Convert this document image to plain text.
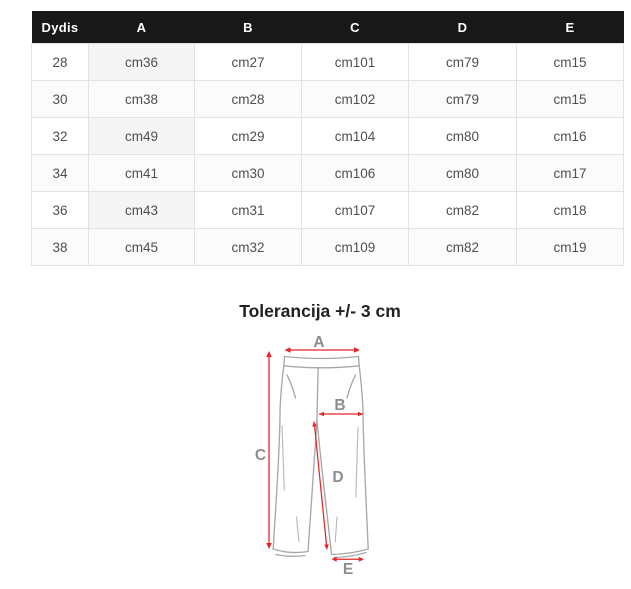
Dydis	A	B	C	D	E
28	cm36	cm27	cm101	cm79	cm15
30	cm38	cm28	cm102	cm79	cm15
32	cm49	cm29	cm104	cm80	cm16
34	cm41	cm30	cm106	cm80	cm17
36	cm43	cm31	cm107	cm82	cm18
38	cm45	cm32	cm109	cm82	cm19
Tolerancija +/- 3 cm
A
C
B
D
E
